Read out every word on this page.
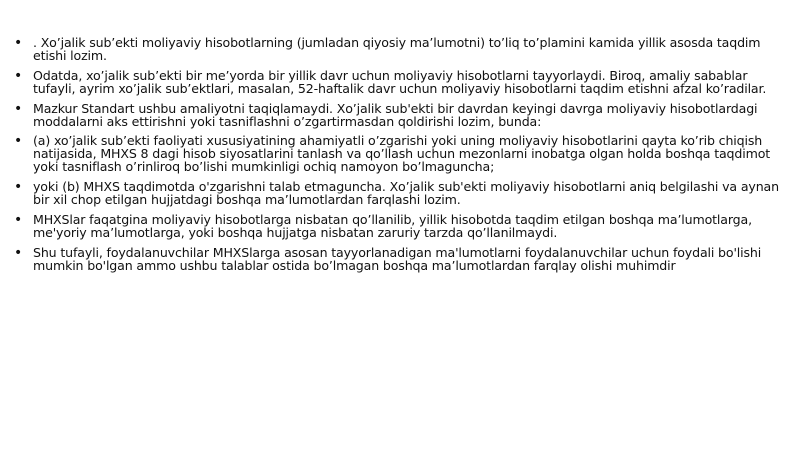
• . Xo’jalik sub’ekti moliyaviy hisobotlarning (jumladan qiyosiy ma’lumotni) to’liq to’plamini kamida yillik asosda taqdim etishi lozim.
• Odatda, xo’jalik sub’ekti bir me’yorda bir yillik davr uchun moliyaviy hisobotlarni tayyorlaydi. Biroq, amaliy sabablar tufayli, ayrim xo’jalik sub’ektlari, masalan, 52-haftalik davr uchun moliyaviy hisobotlarni taqdim etishni afzal ko’radilar.
• Mazkur Standart ushbu amaliyotni taqiqlamaydi. Xo’jalik sub'ekti bir davrdan keyingi davrga moliyaviy hisobotlardagi moddalarni aks ettirishni yoki tasniflashni o’zgartirmasdan qoldirishi lozim, bunda:
• (a) xo’jalik sub’ekti faoliyati xususiyatining ahamiyatli o’zgarishi yoki uning moliyaviy hisobotlarini qayta ko’rib chiqish natijasida, MHXS 8 dagi hisob siyosatlarini tanlash va qo’llash uchun mezonlarni inobatga olgan holda boshqa taqdimot yoki tasniflash o’rinliroq bo’lishi mumkinligi ochiq namoyon bo’lmaguncha;
• yoki (b) MHXS taqdimotda o'zgarishni talab etmaguncha. Xo’jalik sub'ekti moliyaviy hisobotlarni aniq belgilashi va aynan bir xil chop etilgan hujjatdagi boshqa ma’lumotlardan farqlashi lozim.
• MHXSlar faqatgina moliyaviy hisobotlarga nisbatan qo’llanilib, yillik hisobotda taqdim etilgan boshqa ma’lumotlarga, me'yoriy ma’lumotlarga, yoki boshqa hujjatga nisbatan zaruriy tarzda qo’llanilmaydi.
• Shu tufayli, foydalanuvchilar MHXSlarga asosan tayyorlanadigan ma'lumotlarni foydalanuvchilar uchun foydali bo'lishi mumkin bo'lgan ammo ushbu talablar ostida bo’lmagan boshqa ma’lumotlardan farqlay olishi muhimdir
